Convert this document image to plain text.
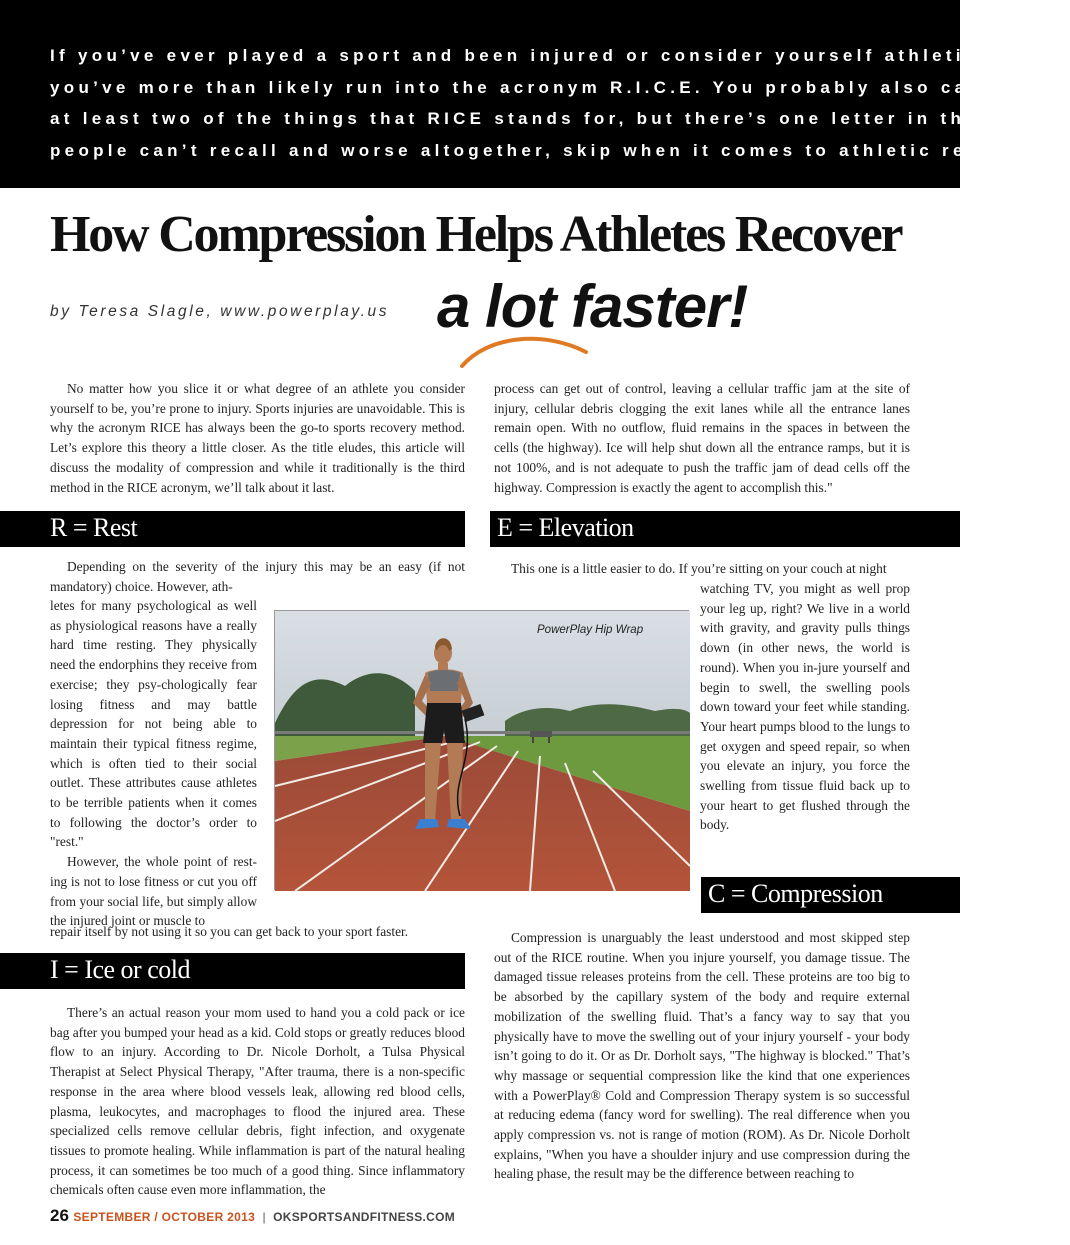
If you’ve ever played a sport and been injured or consider yourself athletic,
you’ve more than likely run into the acronym R.I.C.E. You probably also can name
at least two of the things that RICE stands for, but there’s one letter in there most
people can’t recall and worse altogether, skip when it comes to athletic recovery.
How Compression Helps Athletes Recover
by Teresa Slagle, www.powerplay.us a lot faster!

No matter how you slice it or what degree of an athlete you consider yourself to be, you’re prone to injury. Sports injuries are unavoidable. This is why the acronym RICE has always been the go-to sports recovery method. Let’s explore this theory a little closer. As the title eludes, this article will discuss the modality of compression and while it traditionally is the third method in the RICE acronym, we’ll talk about it last.

process can get out of control, leaving a cellular traffic jam at the site of injury, cellular debris clogging the exit lanes while all the entrance lanes remain open. With no outflow, fluid remains in the spaces in between the cells (the highway). Ice will help shut down all the entrance ramps, but it is not 100%, and is not adequate to push the traffic jam of dead cells off the highway. Compression is exactly the agent to accomplish this."

R = Rest	E = Elevation
I = Ice or cold
C = Compression

Depending on the severity of the injury this may be an easy (if not mandatory) choice. However, ath-

letes for many psychological as well as physiological reasons have a really hard time resting. They physically need the endorphins they receive from exercise; they psy-chologically fear losing fitness and may battle depression for not being able to maintain their typical fitness regime, which is often tied to their social outlet. These attributes cause athletes to be terrible patients when it comes to following the doctor’s order to "rest."

However, the whole point of rest-ing is not to lose fitness or cut you off from your social life, but simply allow the injured joint or muscle to

repair itself by not using it so you can get back to your sport faster.

This one is a little easier to do. If you’re sitting on your couch at night

watching TV, you might as well prop your leg up, right? We live in a world with gravity, and gravity pulls things down (in other news, the world is round). When you in-jure yourself and begin to swell, the swelling pools down toward your feet while standing. Your heart pumps blood to the lungs to get oxygen and speed repair, so when you elevate an injury, you force the swelling from tissue fluid back up to your heart to get flushed through the body.

There’s an actual reason your mom used to hand you a cold pack or ice bag after you bumped your head as a kid. Cold stops or greatly reduces blood flow to an injury. According to Dr. Nicole Dorholt, a Tulsa Physical Therapist at Select Physical Therapy, "After trauma, there is a non-specific response in the area where blood vessels leak, allowing red blood cells, plasma, leukocytes, and macrophages to flood the injured area. These specialized cells remove cellular debris, fight infection, and oxygenate tissues to promote healing. While inflammation is part of the natural healing process, it can sometimes be too much of a good thing. Since inflammatory chemicals often cause even more inflammation, the

Compression is unarguably the least understood and most skipped step out of the RICE routine. When you injure yourself, you damage tissue. The damaged tissue releases proteins from the cell. These proteins are too big to be absorbed by the capillary system of the body and require external mobilization of the swelling fluid. That’s a fancy way to say that you physically have to move the swelling out of your injury yourself - your body isn’t going to do it. Or as Dr. Dorholt says, "The highway is blocked." That’s why massage or sequential compression like the kind that one experiences with a PowerPlay® Cold and Compression Therapy system is so successful at reducing edema (fancy word for swelling). The real difference when you apply compression vs. not is range of motion (ROM). As Dr. Nicole Dorholt explains, "When you have a shoulder injury and use compression during the healing phase, the result may be the difference between reaching to

PowerPlay Hip Wrap
26 SEPTEMBER / OCTOBER 2013 | OKSPORTSANDFITNESS.COM
